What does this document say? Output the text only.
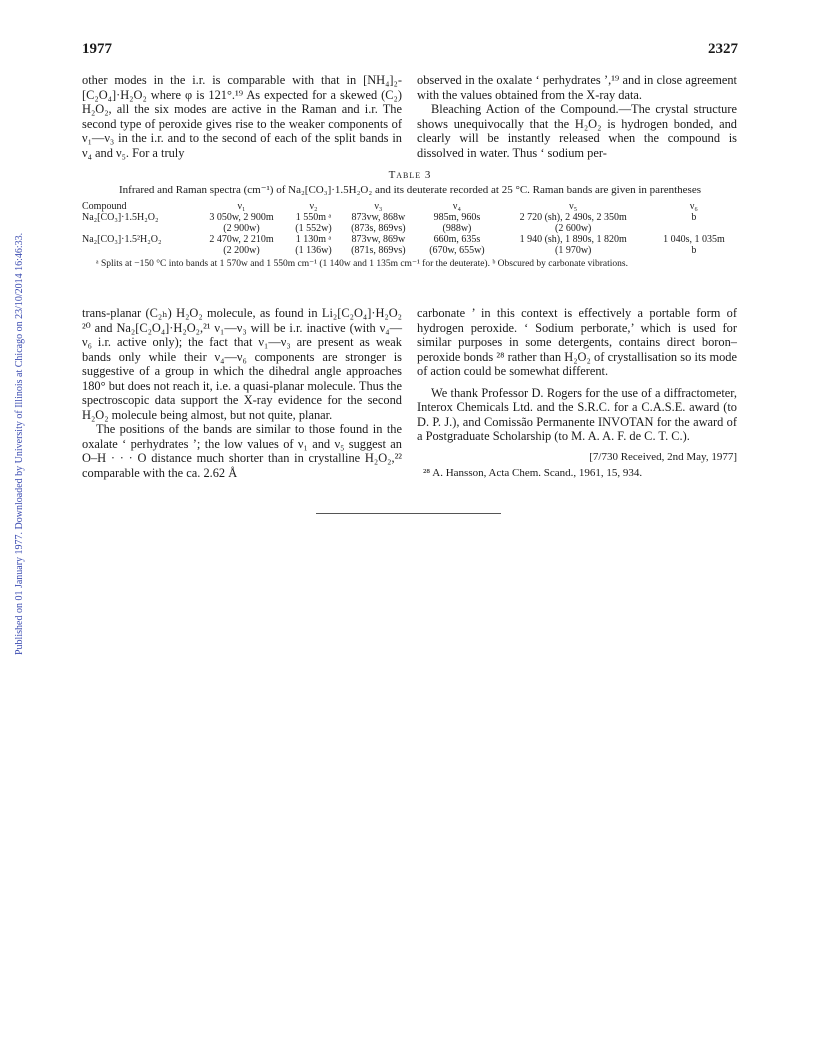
Published on 01 January 1977. Downloaded by University of Illinois at Chicago on 23/10/2014 16:46:33.
1977	2327

other modes in the i.r. is comparable with that in [NH₄]₂-[C₂O₄]·H₂O₂ where φ is 121°.¹⁹ As expected for a skewed (C₂) H₂O₂, all the six modes are active in the Raman and i.r. The second type of peroxide gives rise to the weaker components of ν₁—ν₃ in the i.r. and to the second of each of the split bands in ν₄ and ν₅. For a truly

observed in the oxalate ‘ perhydrates ’,¹⁹ and in close agreement with the values obtained from the X-ray data.

Bleaching Action of the Compound.—The crystal structure shows unequivocally that the H₂O₂ is hydrogen bonded, and clearly will be instantly released when the compound is dissolved in water. Thus ‘ sodium per-

Table 3

Infrared and Raman spectra (cm⁻¹) of Na₂[CO₃]·1.5H₂O₂ and its deuterate recorded at 25 °C. Raman bands are given in parentheses

Compound	ν₁	ν₂	ν₃	ν₄	ν₅	ν₆
Na₂[CO₃]·1.5H₂O₂	3 050w, 2 900m	1 550m ᵃ	873vw, 868w	985m, 960s	2 720 (sh), 2 490s, 2 350m	b
	(2 900w)	(1 552w)	(873s, 869vs)	(988w)	(2 600w)	
Na₂[CO₃]·1.5²H₂O₂	2 470w, 2 210m	1 130m ᵃ	873vw, 869w	660m, 635s	1 940 (sh), 1 890s, 1 820m	1 040s, 1 035m
	(2 200w)	(1 136w)	(871s, 869vs)	(670w, 655w)	(1 970w)	b

ᵃ Splits at −150 °C into bands at 1 570w and 1 550m cm⁻¹ (1 140w and 1 135m cm⁻¹ for the deuterate). ᵇ Obscured by carbonate vibrations.

trans-planar (C₂ₕ) H₂O₂ molecule, as found in Li₂[C₂O₄]·H₂O₂ ²⁰ and Na₂[C₂O₄]·H₂O₂,²¹ ν₁—ν₃ will be i.r. inactive (with ν₄—ν₆ i.r. active only); the fact that ν₁—ν₃ are present as weak bands only while their ν₄—ν₆ components are stronger is suggestive of a group in which the dihedral angle approaches 180° but does not reach it, i.e. a quasi-planar molecule. Thus the spectroscopic data support the X-ray evidence for the second H₂O₂ molecule being almost, but not quite, planar.

The positions of the bands are similar to those found in the oxalate ‘ perhydrates ’; the low values of ν₁ and ν₅ suggest an O–H · · · O distance much shorter than in crystalline H₂O₂,²² comparable with the ca. 2.62 Å

carbonate ’ in this context is effectively a portable form of hydrogen peroxide. ‘ Sodium perborate,’ which is used for similar purposes in some detergents, contains direct boron–peroxide bonds ²⁸ rather than H₂O₂ of crystallisation so its mode of action could be somewhat different.

We thank Professor D. Rogers for the use of a diffractometer, Interox Chemicals Ltd. and the S.R.C. for a C.A.S.E. award (to D. P. J.), and Comissão Permanente INVOTAN for the award of a Postgraduate Scholarship (to M. A. A. F. de C. T. C.).

[7/730 Received, 2nd May, 1977]

²⁸ A. Hansson, Acta Chem. Scand., 1961, 15, 934.
